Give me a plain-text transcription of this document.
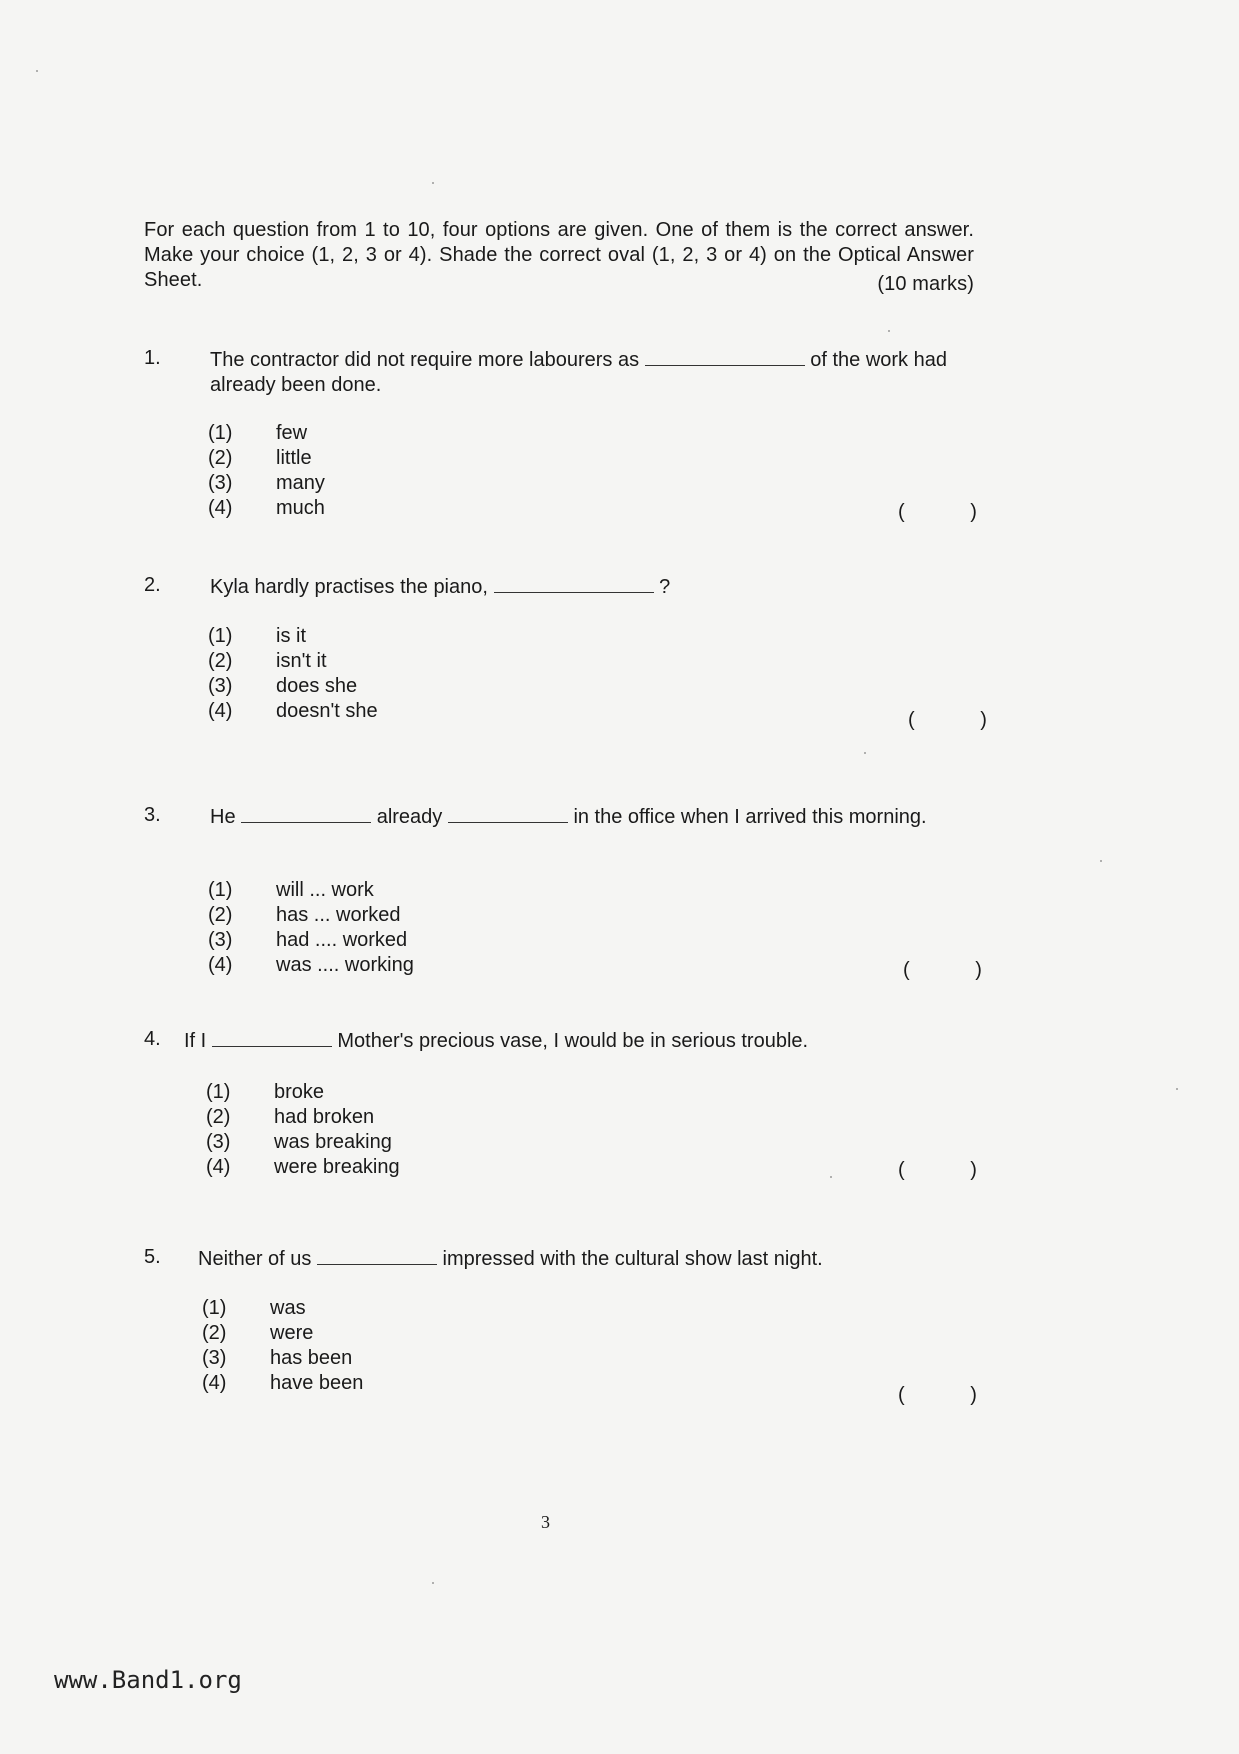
For each question from 1 to 10, four options are given. One of them is the correct answer. Make your choice (1, 2, 3 or 4). Shade the correct oval (1, 2, 3 or 4) on the Optical Answer Sheet.	(10 marks)
1. The contractor did not require more labourers as	of the work had already been done.
(1)	few
(2)	little
(3)	many
(4)	much	( )
2. Kyla hardly practises the piano,	?
(1)	is it
(2)	isn't it
(3)	does she
(4)	doesn't she	( )
3. He	already	in the office when I arrived this morning.
(1)	will ... work
(2)	has ... worked
(3)	had .... worked
(4)	was .... working	( )
4. If I	Mother's precious vase, I would be in serious trouble.
(1)	broke
(2)	had broken
(3)	was breaking
(4)	were breaking	( )
5. Neither of us	impressed with the cultural show last night.
(1)	was
(2)	were
(3)	has been
(4)	have been
( )
3
www.Band1.org
